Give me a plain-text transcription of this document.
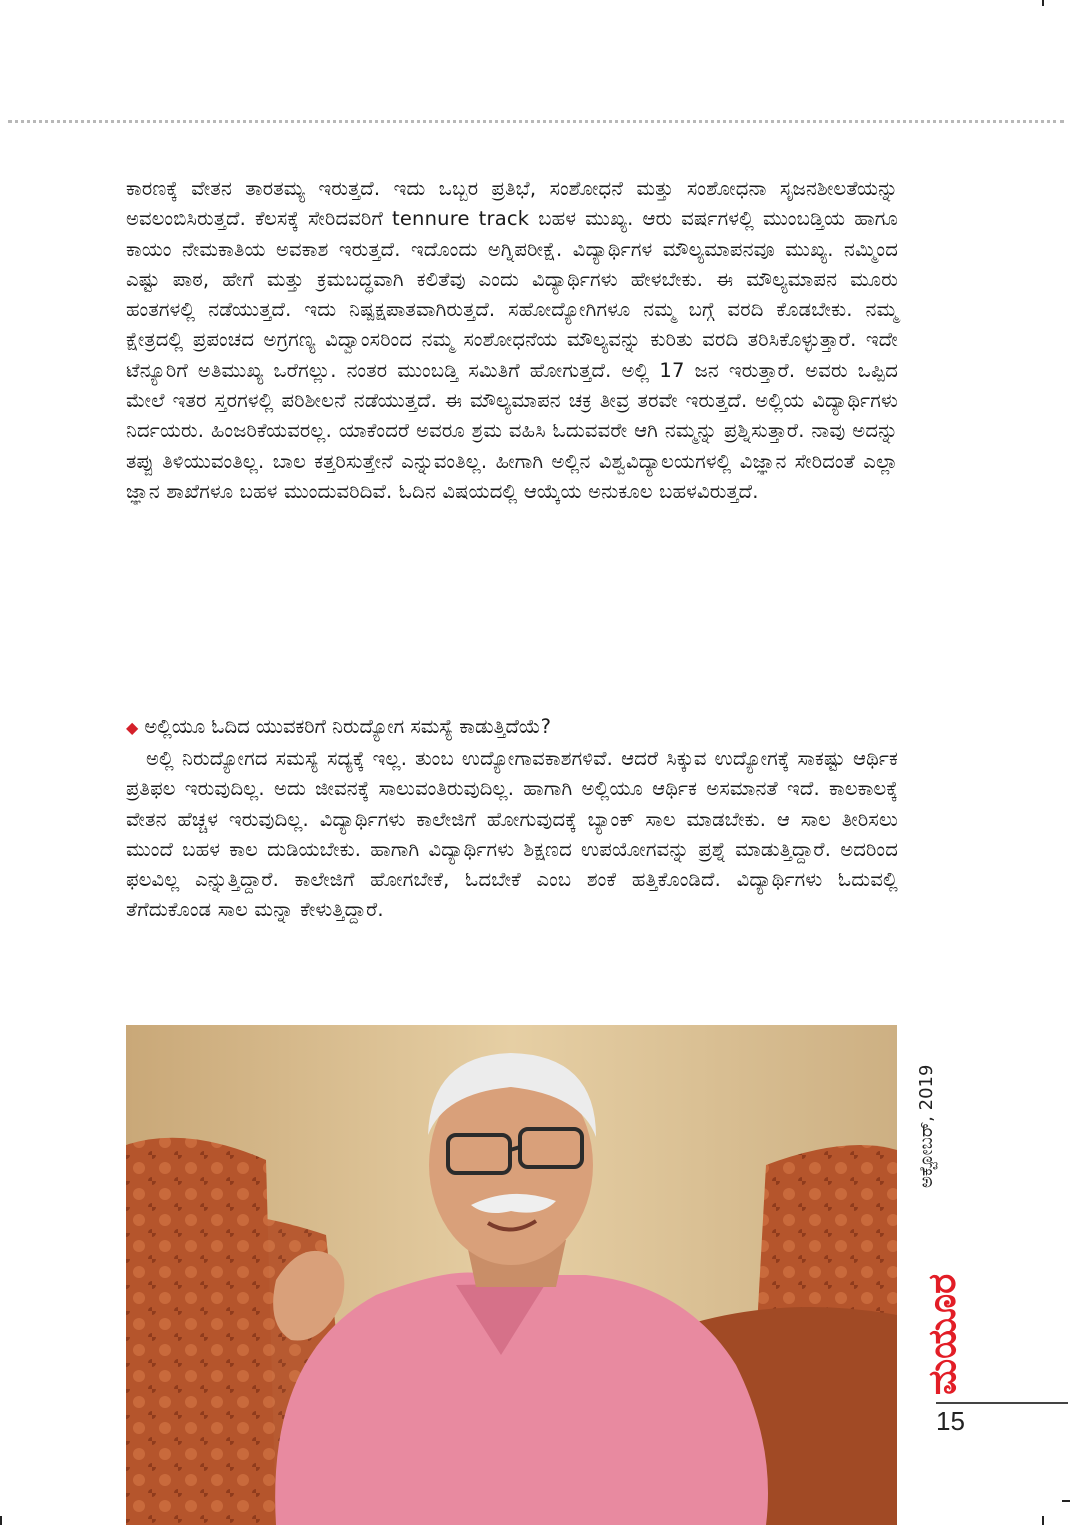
ಕಾರಣಕ್ಕೆ ವೇತನ ತಾರತಮ್ಯ ಇರುತ್ತದೆ. ಇದು ಒಬ್ಬರ ಪ್ರತಿಭೆ, ಸಂಶೋಧನೆ ಮತ್ತು ಸಂಶೋಧನಾ ಸೃಜನಶೀಲತೆಯನ್ನು ಅವಲಂಬಿಸಿರುತ್ತದೆ. ಕೆಲಸಕ್ಕೆ ಸೇರಿದವರಿಗೆ tennure track ಬಹಳ ಮುಖ್ಯ. ಆರು ವರ್ಷಗಳಲ್ಲಿ ಮುಂಬಡ್ತಿಯ ಹಾಗೂ ಕಾಯಂ ನೇಮಕಾತಿಯ ಅವಕಾಶ ಇರುತ್ತದೆ. ಇದೊಂದು ಅಗ್ನಿಪರೀಕ್ಷೆ. ವಿದ್ಯಾರ್ಥಿಗಳ ಮೌಲ್ಯಮಾಪನವೂ ಮುಖ್ಯ. ನಮ್ಮಿಂದ ಎಷ್ಟು ಪಾಠ, ಹೇಗೆ ಮತ್ತು ಕ್ರಮಬದ್ಧವಾಗಿ ಕಲಿತೆವು ಎಂದು ವಿದ್ಯಾರ್ಥಿಗಳು ಹೇಳಬೇಕು. ಈ ಮೌಲ್ಯಮಾಪನ ಮೂರು ಹಂತಗಳಲ್ಲಿ ನಡೆಯುತ್ತದೆ. ಇದು ನಿಷ್ಪಕ್ಷಪಾತವಾಗಿರುತ್ತದೆ. ಸಹೋದ್ಯೋಗಿಗಳೂ ನಮ್ಮ ಬಗ್ಗೆ ವರದಿ ಕೊಡಬೇಕು. ನಮ್ಮ ಕ್ಷೇತ್ರದಲ್ಲಿ ಪ್ರಪಂಚದ ಅಗ್ರಗಣ್ಯ ವಿದ್ವಾಂಸರಿಂದ ನಮ್ಮ ಸಂಶೋಧನೆಯ ಮೌಲ್ಯವನ್ನು ಕುರಿತು ವರದಿ ತರಿಸಿಕೊಳ್ಳುತ್ತಾರೆ. ಇದೇ ಟೆನ್ಯೂರಿಗೆ ಅತಿಮುಖ್ಯ ಒರೆಗಲ್ಲು. ನಂತರ ಮುಂಬಡ್ತಿ ಸಮಿತಿಗೆ ಹೋಗುತ್ತದೆ. ಅಲ್ಲಿ 17 ಜನ ಇರುತ್ತಾರೆ. ಅವರು ಒಪ್ಪಿದ ಮೇಲೆ ಇತರ ಸ್ತರಗಳಲ್ಲಿ ಪರಿಶೀಲನೆ ನಡೆಯುತ್ತದೆ. ಈ ಮೌಲ್ಯಮಾಪನ ಚಕ್ರ ತೀವ್ರ ತರವೇ ಇರುತ್ತದೆ. ಅಲ್ಲಿಯ ವಿದ್ಯಾರ್ಥಿಗಳು ನಿರ್ದಯರು. ಹಿಂಜರಿಕೆಯವರಲ್ಲ. ಯಾಕೆಂದರೆ ಅವರೂ ಶ್ರಮ ವಹಿಸಿ ಓದುವವರೇ ಆಗಿ ನಮ್ಮನ್ನು ಪ್ರಶ್ನಿಸುತ್ತಾರೆ. ನಾವು ಅದನ್ನು ತಪ್ಪು ತಿಳಿಯುವಂತಿಲ್ಲ. ಬಾಲ ಕತ್ತರಿಸುತ್ತೇನೆ ಎನ್ನುವಂತಿಲ್ಲ. ಹೀಗಾಗಿ ಅಲ್ಲಿನ ವಿಶ್ವವಿದ್ಯಾಲಯಗಳಲ್ಲಿ ವಿಜ್ಞಾನ ಸೇರಿದಂತೆ ಎಲ್ಲಾ ಜ್ಞಾನ ಶಾಖೆಗಳೂ ಬಹಳ ಮುಂದುವರಿದಿವೆ. ಓದಿನ ವಿಷಯದಲ್ಲಿ ಆಯ್ಕೆಯ ಅನುಕೂಲ ಬಹಳವಿರುತ್ತದೆ.

◆ ಅಲ್ಲಿಯೂ ಓದಿದ ಯುವಕರಿಗೆ ನಿರುದ್ಯೋಗ ಸಮಸ್ಯೆ ಕಾಡುತ್ತಿದೆಯೆ?

ಅಲ್ಲಿ ನಿರುದ್ಯೋಗದ ಸಮಸ್ಯೆ ಸದ್ಯಕ್ಕೆ ಇಲ್ಲ. ತುಂಬ ಉದ್ಯೋಗಾವಕಾಶಗಳಿವೆ. ಆದರೆ ಸಿಕ್ಕುವ ಉದ್ಯೋಗಕ್ಕೆ ಸಾಕಷ್ಟು ಆರ್ಥಿಕ ಪ್ರತಿಫಲ ಇರುವುದಿಲ್ಲ. ಅದು ಜೀವನಕ್ಕೆ ಸಾಲುವಂತಿರುವುದಿಲ್ಲ. ಹಾಗಾಗಿ ಅಲ್ಲಿಯೂ ಆರ್ಥಿಕ ಅಸಮಾನತೆ ಇದೆ. ಕಾಲಕಾಲಕ್ಕೆ ವೇತನ ಹೆಚ್ಚಳ ಇರುವುದಿಲ್ಲ. ವಿದ್ಯಾರ್ಥಿಗಳು ಕಾಲೇಜಿಗೆ ಹೋಗುವುದಕ್ಕೆ ಬ್ಯಾಂಕ್ ಸಾಲ ಮಾಡಬೇಕು. ಆ ಸಾಲ ತೀರಿಸಲು ಮುಂದೆ ಬಹಳ ಕಾಲ ದುಡಿಯಬೇಕು. ಹಾಗಾಗಿ ವಿದ್ಯಾರ್ಥಿಗಳು ಶಿಕ್ಷಣದ ಉಪಯೋಗವನ್ನು ಪ್ರಶ್ನೆ ಮಾಡುತ್ತಿದ್ದಾರೆ. ಅದರಿಂದ ಫಲವಿಲ್ಲ ಎನ್ನುತ್ತಿದ್ದಾರೆ. ಕಾಲೇಜಿಗೆ ಹೋಗಬೇಕೆ, ಓದಬೇಕೆ ಎಂಬ ಶಂಕೆ ಹತ್ತಿಕೊಂಡಿದೆ. ವಿದ್ಯಾರ್ಥಿಗಳು ಓದುವಲ್ಲಿ ತೆಗೆದುಕೊಂಡ ಸಾಲ ಮನ್ನಾ ಕೇಳುತ್ತಿದ್ದಾರೆ.

ಅಕ್ಟೋಬರ್, 2019
ಮಯೂರ
15
